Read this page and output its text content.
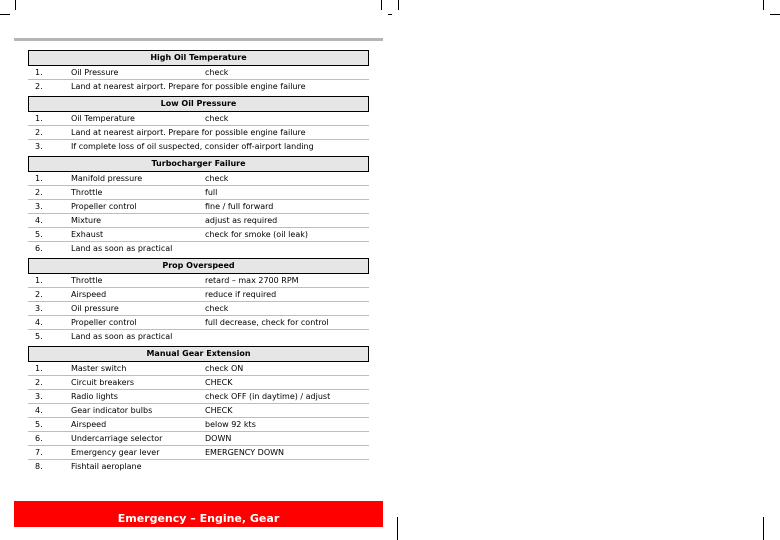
High Oil Temperature
1.	Oil Pressure	check
2.	Land at nearest airport. Prepare for possible engine failure
Low Oil Pressure
1.	Oil Temperature	check
2.	Land at nearest airport. Prepare for possible engine failure
3.	If complete loss of oil suspected, consider off-airport landing
Turbocharger Failure
1.	Manifold pressure	check
2.	Throttle	full
3.	Propeller control	fine / full forward
4.	Mixture	adjust as required
5.	Exhaust	check for smoke (oil leak)
6.	Land as soon as practical
Prop Overspeed
1.	Throttle	retard – max 2700 RPM
2.	Airspeed	reduce if required
3.	Oil pressure	check
4.	Propeller control	full decrease, check for control
5.	Land as soon as practical
Manual Gear Extension
1.	Master switch	check ON
2.	Circuit breakers	CHECK
3.	Radio lights	check OFF (in daytime) / adjust
4.	Gear indicator bulbs	CHECK
5.	Airspeed	below 92 kts
6.	Undercarriage selector	DOWN
7.	Emergency gear lever	EMERGENCY DOWN
8.	Fishtail aeroplane
Emergency – Engine, Gear
